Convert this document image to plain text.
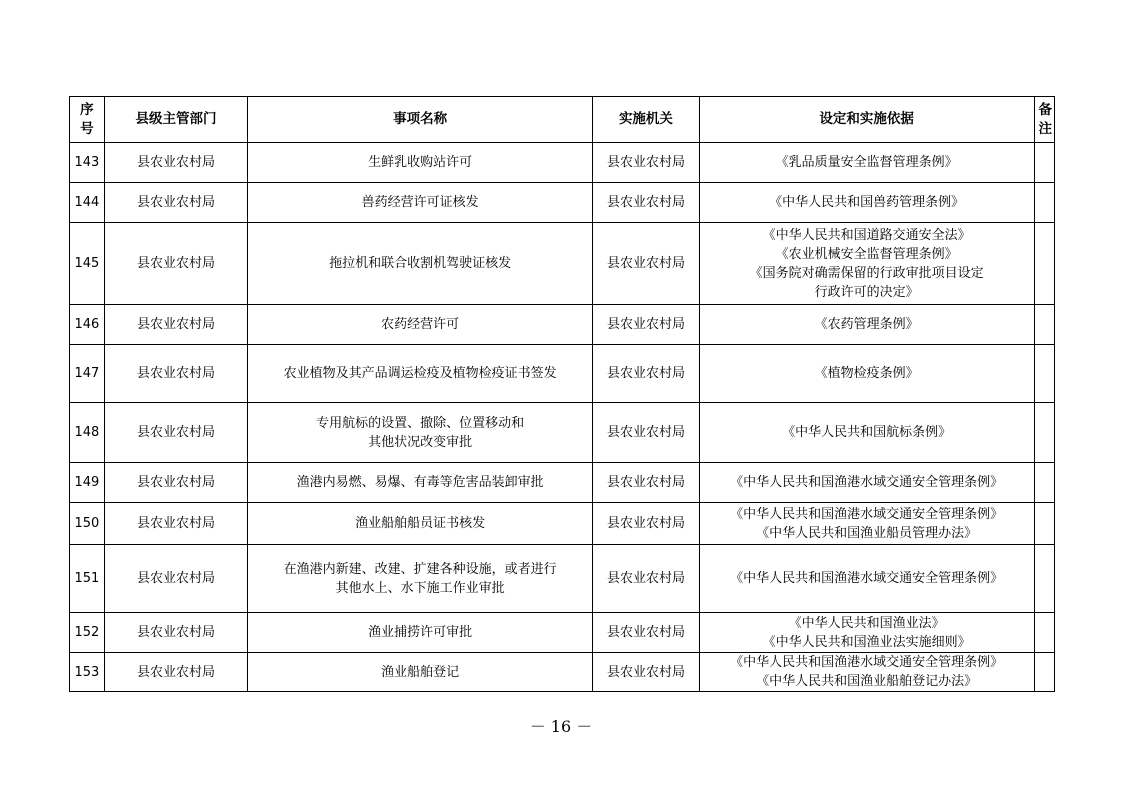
序
号	县级主管部门	事项名称	实施机关	设定和实施依据	备
注

143	县农业农村局	生鲜乳收购站许可	县农业农村局	《乳品质量安全监督管理条例》	

144	县农业农村局	兽药经营许可证核发	县农业农村局	《中华人民共和国兽药管理条例》	

145	县农业农村局	拖拉机和联合收割机驾驶证核发	县农业农村局	《中华人民共和国道路交通安全法》
《农业机械安全监督管理条例》
《国务院对确需保留的行政审批项目设定
行政许可的决定》	

146	县农业农村局	农药经营许可	县农业农村局	《农药管理条例》	

147	县农业农村局	农业植物及其产品调运检疫及植物检疫证书签发	县农业农村局	《植物检疫条例》	

148	县农业农村局	专用航标的设置、撤除、位置移动和
其他状况改变审批	县农业农村局	《中华人民共和国航标条例》	

149	县农业农村局	渔港内易燃、易爆、有毒等危害品装卸审批	县农业农村局	《中华人民共和国渔港水域交通安全管理条例》	

150	县农业农村局	渔业船舶船员证书核发	县农业农村局	《中华人民共和国渔港水域交通安全管理条例》
《中华人民共和国渔业船员管理办法》	

151	县农业农村局	在渔港内新建、改建、扩建各种设施，或者进行
其他水上、水下施工作业审批	县农业农村局	《中华人民共和国渔港水域交通安全管理条例》	

152	县农业农村局	渔业捕捞许可审批	县农业农村局	《中华人民共和国渔业法》
《中华人民共和国渔业法实施细则》	

153	县农业农村局	渔业船舶登记	县农业农村局	《中华人民共和国渔港水域交通安全管理条例》
《中华人民共和国渔业船舶登记办法》	

－ 16 －
